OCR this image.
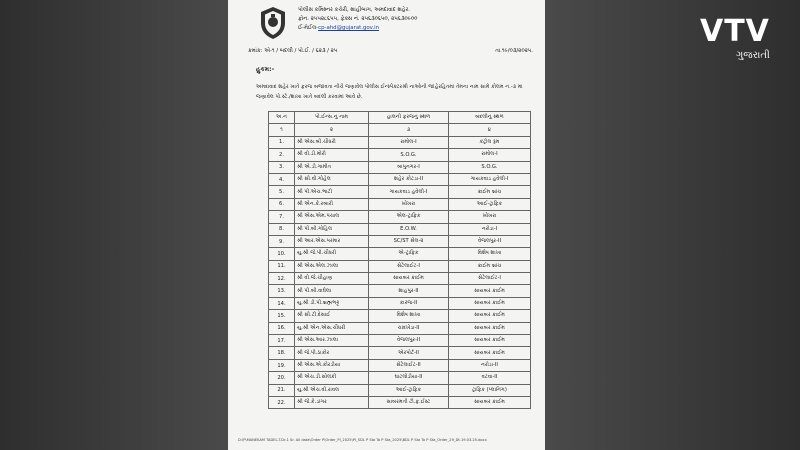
પોલીસ કમિશ્નર કચેરી, શાહીબાગ, અમદાવાદ શહેર.
ફોન. ૨૫૫૨૮૬૫૫, ફેક્સ નં. ૨૫૬૩૦૬૫૦, ૨૫૬૩૦૯૦૦
ઈ-મેઈલ-cp-ahd@gujarat.gov.in
ક્રમાંક: એ-૧ / બદલી / પો.ઈ. / ૬૨૩ / ૨૫	તા.૧૯/૦૩/૨૦૨૫.
હુકમ:-
અમદાવાદ શહેર ખાતે ફરજ બજાવતા નીચે જણાવેલ પોલીસ ઈન્સ્પેક્ટરશ્રી નાઓની જાહેરહિતમાં તેમના નામ સામે કોલમ નં.-૩ માં જણાવેલ પો.સ્ટે./શાખા ખાતે બદલી કરવામાં આવે છે.
અ.નં	પો.ઈન્સ.નું નામ	હાલની ફરજનું સ્થળ	બદલીનું સ્થળ
૧	૨	૩	૪
1.	શ્રી એસ.બી.ચૌધરી	રામોલ-I	કંટ્રોલ રૂમ
2.	શ્રી વી.ડી.મોરી	S.O.G.	રામોલ-I
3.	શ્રી એ.ડી.ગામીત	બાપુનગર-I	S.O.G.
4.	શ્રી સી.વી.ગોહેલ	શહેર કોટડા-II	ગાયકવાડ હવેલી-I
5.	શ્રી પી.એચ.ભાટી	ગાયકવાડ હવેલી-I	ક્રાઈમ બ્રાંચ
6.	શ્રી એન.કે.રબારી	ખોખરા	આઈ-ટ્રાફિક
7.	શ્રી એસ.એમ.પંચાલ	એલ-ટ્રાફિક	ખોખરા
8.	શ્રી પી.બી.ગોહિલ	E.O.W.	નરોડા-I
9.	શ્રી આર.એસ.પરમાર	SC/ST સેલ-૨	વેજલપુર-II
10.	યુ.શ્રી જે.પી.ચૌધરી	એ-ટ્રાફિક	વિશેષ શાખા
11.	શ્રી એસ.એલ.ઝાલા	સેટેલાઈટ-I	ક્રાઈમ બ્રાંચ
12.	શ્રી વી.જે.ચૌહાણ	સાયબર ક્રાઈમ	સેટેલાઈટ-I
13.	શ્રી પી.બી.વાઘેલા	શાહપુર-II	સાયબર ક્રાઈમ
14.	યુ.શ્રી ડી.પી.બ્રહ્મભટ્ટ	કારંજ-II	સાયબર ક્રાઈમ
15.	શ્રી સી.ટી.દેસાઈ	વિશેષ શાખા	સાયબર ક્રાઈમ
16.	યુ.શ્રી એન.એસ.ચૌધરી	ચાંદખેડા-II	સાયબર ક્રાઈમ
17.	શ્રી એસ.આર.ઝાલા	વેજલપુર-II	સાયબર ક્રાઈમ
18.	શ્રી જે.પી.ઠાકોર	એરપોર્ટ-II	સાયબર ક્રાઈમ
19.	શ્રી એસ.એ.કોરડીયા	સેટેલાઈટ-II	નરોડા-II
20.	શ્રી એચ.ડી.સોલંકી	ઘાટલોડીયા-II	વટવા-II
21.	યુ.શ્રી એચ.વી.રાવલ	આઈ-ટ્રાફિક	ટ્રાફિક (પ્લાનિંગ)
22.	શ્રી જે.કે.ડાંગર	સાબરમતી ટી.ફ.ઈસ્ટ	સાયબર ક્રાઈમ
D:\P\MANEKAM TADEL-T.Dr-1 Sr. All data\Order P\Order_PI_2025\PI_SDL P Sta To P Sta_2025\BDL P Sta To P Sta_Order_29_Dt.19.03.25.docx
VTV
ગુજરાતી
